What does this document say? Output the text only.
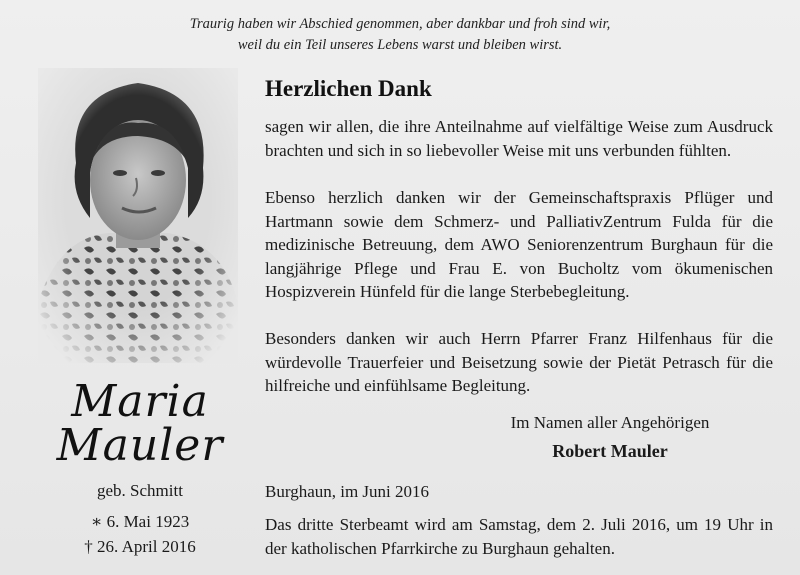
Traurig haben wir Abschied genommen, aber dankbar und froh sind wir,
weil du ein Teil unseres Lebens warst und bleiben wirst.
Maria
Mauler
geb. Schmitt
∗ 6. Mai 1923
† 26. April 2016
Herzlichen Dank

sagen wir allen, die ihre Anteilnahme auf vielfältige Weise zum Ausdruck brachten und sich in so liebevoller Weise mit uns verbunden fühlten.

Ebenso herzlich danken wir der Gemeinschaftspraxis Pflüger und Hartmann sowie dem Schmerz- und PalliativZentrum Fulda für die medizinische Betreuung, dem AWO Seniorenzentrum Burghaun für die langjährige Pflege und Frau E. von Bucholtz vom ökumenischen Hospizverein Hünfeld für die lange Sterbebegleitung.

Besonders danken wir auch Herrn Pfarrer Franz Hilfenhaus für die würdevolle Trauerfeier und Beisetzung sowie der Pietät Petrasch für die hilfreiche und einfühlsame Begleitung.

Im Namen aller Angehörigen
Robert Mauler
Burghaun, im Juni 2016

Das dritte Sterbeamt wird am Samstag, dem 2. Juli 2016, um 19 Uhr in der katholischen Pfarrkirche zu Burghaun gehalten.
